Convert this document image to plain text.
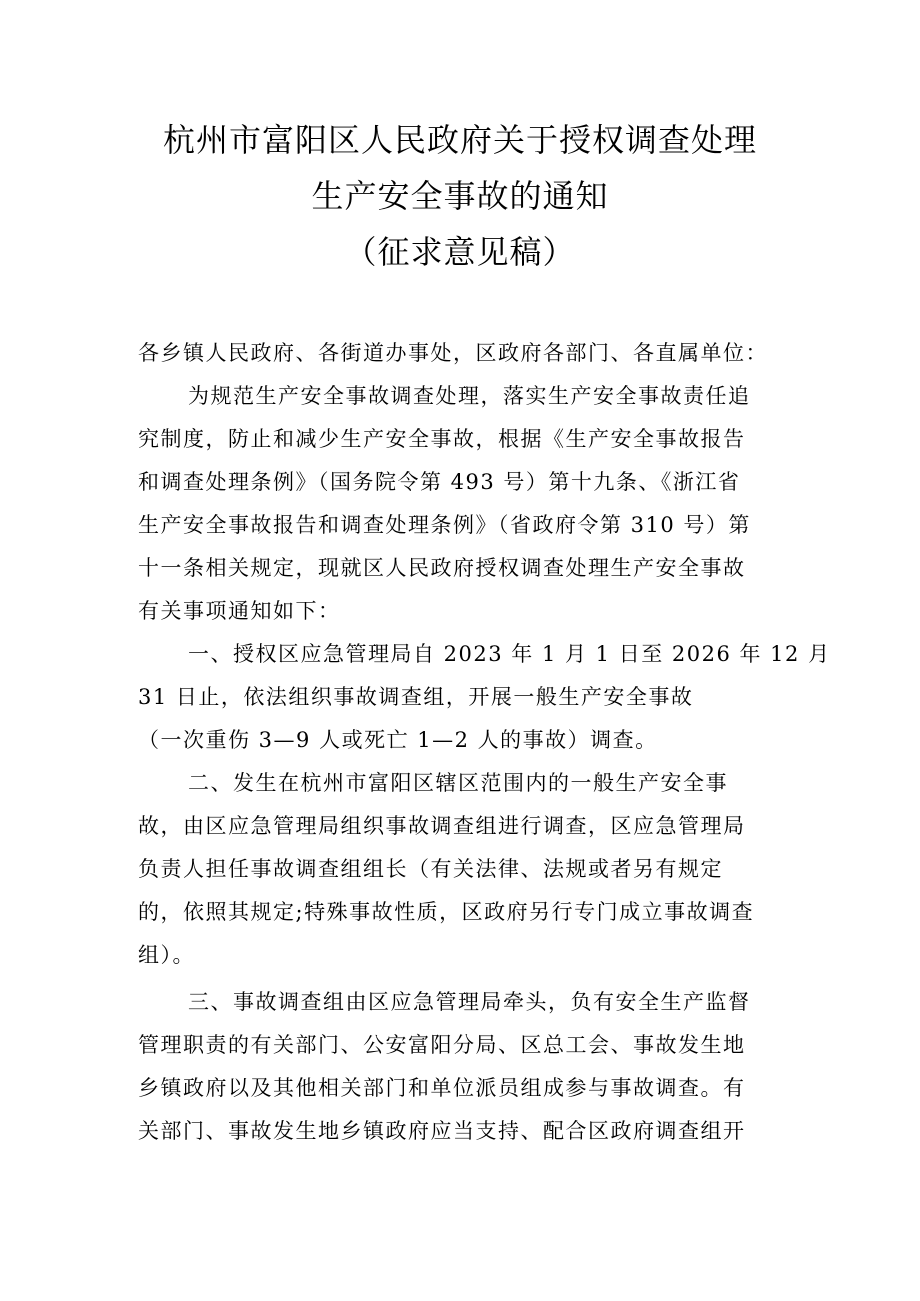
杭州市富阳区人民政府关于授权调查处理
生产安全事故的通知
（征求意见稿）
各乡镇人民政府、各街道办事处，区政府各部门、各直属单位：
为规范生产安全事故调查处理，落实生产安全事故责任追
究制度，防止和减少生产安全事故，根据《生产安全事故报告
和调查处理条例》（国务院令第 493 号）第十九条、《浙江省
生产安全事故报告和调查处理条例》（省政府令第 310 号）第
十一条相关规定，现就区人民政府授权调查处理生产安全事故
有关事项通知如下：
一、授权区应急管理局自 2023 年 1 月 1 日至 2026 年 12 月
31 日止，依法组织事故调查组，开展一般生产安全事故
（一次重伤 3—9 人或死亡 1—2 人的事故）调查。
二、发生在杭州市富阳区辖区范围内的一般生产安全事
故，由区应急管理局组织事故调查组进行调查，区应急管理局
负责人担任事故调查组组长（有关法律、法规或者另有规定
的，依照其规定;特殊事故性质，区政府另行专门成立事故调查
组）。
三、事故调查组由区应急管理局牵头，负有安全生产监督
管理职责的有关部门、公安富阳分局、区总工会、事故发生地
乡镇政府以及其他相关部门和单位派员组成参与事故调查。有
关部门、事故发生地乡镇政府应当支持、配合区政府调查组开
